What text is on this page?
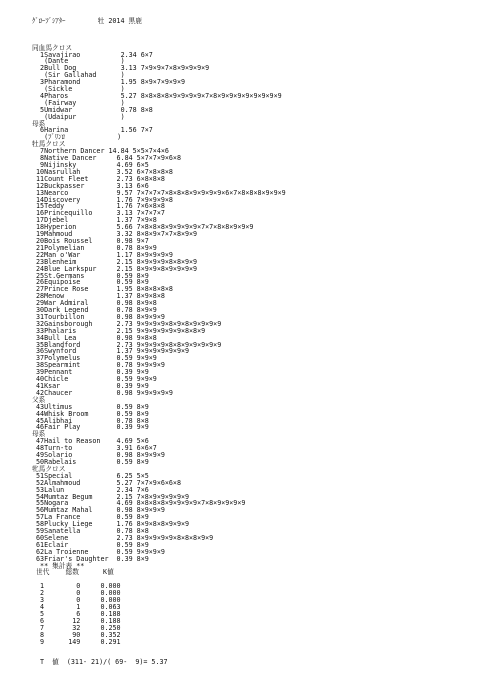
ｸﾞﾛｰﾌﾞｼｱﾀｰ	牡 2014 黒鹿

同血馬クロス
1Savajirao          2.34 6×7
(Dante             )
2Bull Dog           3.13 7×9×9×7×8×9×9×9×9
(Sir Gallahad      )
3Pharamond          1.95 8×9×7×9×9×9
(Sickle            )
4Pharos             5.27 8×8×8×8×9×9×9×9×7×8×9×9×9×9×9×9×9×9
(Fairway           )
5Umidwar            0.78 8×8
(Udaipur           )
母系
6Harina             1.56 7×7
(ﾌﾞﾘﾝﾛ             )
牡馬クロス
7Northern Dancer 14.84 5×5×7×4×6
8Native Dancer     6.84 5×7×7×9×6×8
9Nijinsky          4.69 6×5
10Nasrullah         3.52 6×7×8×8×8
11Count Fleet       2.73 6×8×8×8
12Buckpasser        3.13 6×6
13Nearco            9.57 7×7×7×7×8×8×8×9×9×9×9×6×7×8×8×8×9×9×9
14Discovery         1.76 7×9×9×9×8
15Teddy             1.76 7×6×8×8
16Princequillo      3.13 7×7×7×7
17Djebel            1.37 7×9×8
18Hyperion          5.66 7×8×8×8×9×9×9×9×7×7×8×8×9×9×9
19Mahmoud           3.32 8×8×9×7×7×8×9×9
20Bois Roussel      0.98 9×7
21Polymelian        0.78 8×9×9
22Man o'War         1.17 8×9×9×9×9
23Blenheim          2.15 8×9×9×9×8×8×9×9
24Blue Larkspur     2.15 8×9×9×8×9×9×9×9
25St.Germans        0.59 8×9
26Equipoise         0.59 8×9
27Prince Rose       1.95 8×8×8×8×8
28Menow             1.37 8×9×8×8
29War Admiral       0.98 8×9×8
30Dark Legend       0.78 8×9×9
31Tourbillon        0.98 8×9×9×9
32Gainsborough      2.73 9×9×9×9×8×9×8×9×9×9×9
33Phalaris          2.15 9×9×9×9×9×9×8×8×9
34Bull Lea          0.98 9×8×8
35Blandford         2.73 9×9×9×9×8×8×9×9×9×9×9
36Swynford          1.37 9×9×9×9×9×9×9
37Polymelus         0.59 9×9×9
38Spearmint         0.78 9×9×9×9
39Pennant           0.39 9×9
40Chicle            0.59 9×9×9
41Ksar              0.39 9×9
42Chaucer           0.98 9×9×9×9×9
父系
43Ultimus           0.59 8×9
44Whisk Broom       0.59 8×9
45Alibhai           0.78 8×8
46Fair Play         0.39 9×9
母系
47Hail to Reason    4.69 5×6
48Turn-to           3.91 6×6×7
49Solario           0.98 8×9×9×9
50Rabelais          0.59 8×9
牝馬クロス
51Special           6.25 5×5
52Almahmoud         5.27 7×7×9×6×6×8
53Lalun             2.34 7×6
54Mumtaz Begum      2.15 7×8×9×9×9×9×9
55Nogara            4.69 8×8×8×8×9×9×9×9×7×8×9×9×9×9
56Mumtaz Mahal      0.98 8×9×9×9
57La France         0.59 8×9
58Plucky Liege      1.76 8×9×8×8×9×9×9
59Sanatella         0.78 8×8
60Selene            2.73 8×9×9×9×9×8×8×8×9×9
61Eclair            0.59 8×9
62La Troienne       0.59 9×9×9×9
63Friar's Daughter  0.39 8×9
** 集計表 **
世代    総数      K値

1        0     0.000
2        0     0.000
3        0     0.000
4        1     0.063
5        6     0.188
6       12     0.188
7       32     0.250
8       90     0.352
9      149     0.291

T  値  (311- 21)/( 69-  9)= 5.37
